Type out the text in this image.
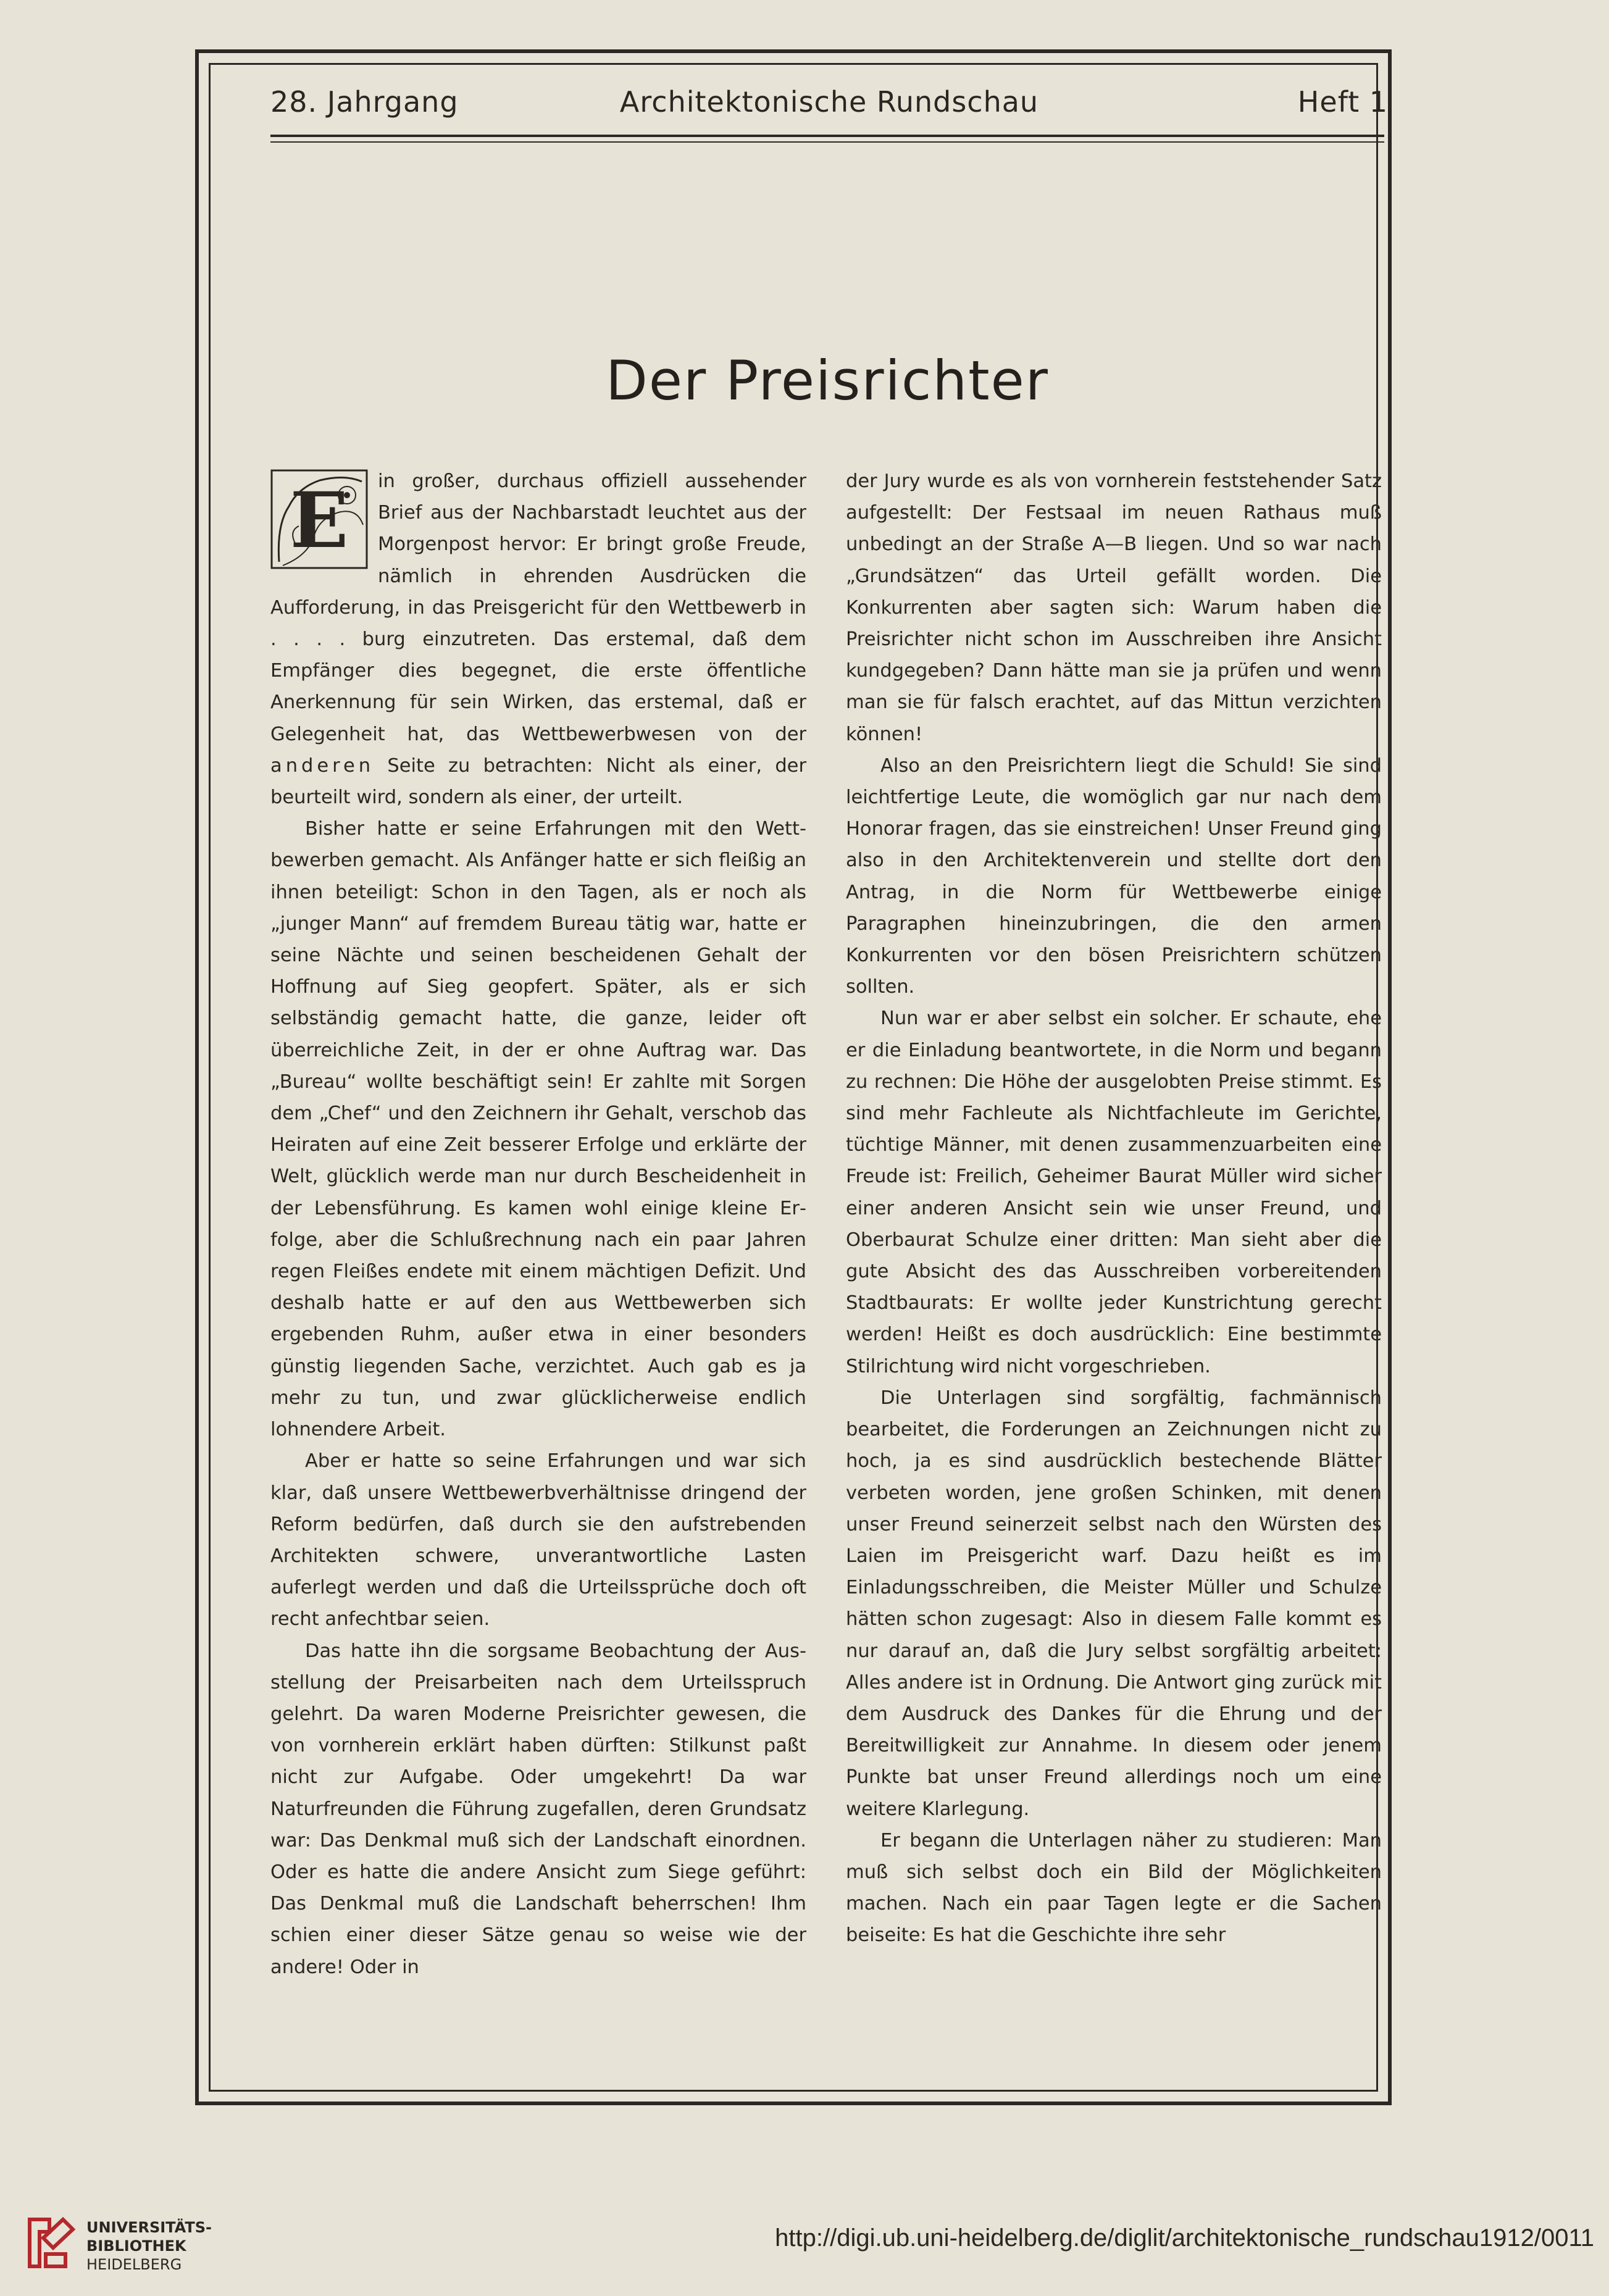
28. Jahrgang	Architektonische Rundschau	Heft 1
Der Preisrichter

E in großer, durchaus offiziell aussehender Brief aus der Nachbarstadt leuchtet aus der Morgenpost hervor: Er bringt große Freude, nämlich in ehrenden Ausdrücken die Aufforderung, in das Preisgericht für den Wettbewerb in . . . . burg einzutreten. Das erstemal, daß dem Empfänger dies begegnet, die erste öffentliche Anerkennung für sein Wirken, das erstemal, daß er Gelegenheit hat, das Wettbewerbwesen von der anderen Seite zu betrachten: Nicht als einer, der beurteilt wird, sondern als einer, der urteilt.

Bisher hatte er seine Erfahrungen mit den Wettbewerben gemacht. Als Anfänger hatte er sich fleißig an ihnen beteiligt: Schon in den Tagen, als er noch als „junger Mann“ auf fremdem Bureau tätig war, hatte er seine Nächte und seinen bescheidenen Gehalt der Hoffnung auf Sieg geopfert. Später, als er sich selbständig gemacht hatte, die ganze, leider oft überreichliche Zeit, in der er ohne Auftrag war. Das „Bureau“ wollte beschäftigt sein! Er zahlte mit Sorgen dem „Chef“ und den Zeichnern ihr Gehalt, verschob das Heiraten auf eine Zeit besserer Erfolge und erklärte der Welt, glücklich werde man nur durch Bescheidenheit in der Lebensführung. Es kamen wohl einige kleine Erfolge, aber die Schlußrechnung nach ein paar Jahren regen Fleißes endete mit einem mächtigen Defizit. Und deshalb hatte er auf den aus Wettbewerben sich ergebenden Ruhm, außer etwa in einer besonders günstig liegenden Sache, verzichtet. Auch gab es ja mehr zu tun, und zwar glücklicherweise endlich lohnendere Arbeit.

Aber er hatte so seine Erfahrungen und war sich klar, daß unsere Wettbewerbverhältnisse dringend der Reform bedürfen, daß durch sie den aufstrebenden Architekten schwere, unverantwortliche Lasten auferlegt werden und daß die Urteilssprüche doch oft recht anfechtbar seien.

Das hatte ihn die sorgsame Beobachtung der Ausstellung der Preisarbeiten nach dem Urteilsspruch gelehrt. Da waren Moderne Preisrichter gewesen, die von vornherein erklärt haben dürften: Stilkunst paßt nicht zur Aufgabe. Oder umgekehrt! Da war Naturfreunden die Führung zugefallen, deren Grundsatz war: Das Denkmal muß sich der Landschaft einordnen. Oder es hatte die andere Ansicht zum Siege geführt: Das Denkmal muß die Landschaft beherrschen! Ihm schien einer dieser Sätze genau so weise wie der andere! Oder in

der Jury wurde es als von vornherein feststehender Satz aufgestellt: Der Festsaal im neuen Rathaus muß unbedingt an der Straße A—B liegen. Und so war nach „Grundsätzen“ das Urteil gefällt worden. Die Konkurrenten aber sagten sich: Warum haben die Preisrichter nicht schon im Ausschreiben ihre Ansicht kundgegeben? Dann hätte man sie ja prüfen und wenn man sie für falsch erachtet, auf das Mittun verzichten können!

Also an den Preisrichtern liegt die Schuld! Sie sind leichtfertige Leute, die womöglich gar nur nach dem Honorar fragen, das sie einstreichen! Unser Freund ging also in den Architektenverein und stellte dort den Antrag, in die Norm für Wettbewerbe einige Paragraphen hineinzubringen, die den armen Konkurrenten vor den bösen Preisrichtern schützen sollten.

Nun war er aber selbst ein solcher. Er schaute, ehe er die Einladung beantwortete, in die Norm und begann zu rechnen: Die Höhe der ausgelobten Preise stimmt. Es sind mehr Fachleute als Nichtfachleute im Gerichte, tüchtige Männer, mit denen zusammenzuarbeiten eine Freude ist: Freilich, Geheimer Baurat Müller wird sicher einer anderen Ansicht sein wie unser Freund, und Oberbaurat Schulze einer dritten: Man sieht aber die gute Absicht des das Ausschreiben vorbereitenden Stadtbaurats: Er wollte jeder Kunstrichtung gerecht werden! Heißt es doch ausdrücklich: Eine bestimmte Stilrichtung wird nicht vorgeschrieben.

Die Unterlagen sind sorgfältig, fachmännisch bearbeitet, die Forderungen an Zeichnungen nicht zu hoch, ja es sind ausdrücklich bestechende Blätter verbeten worden, jene großen Schinken, mit denen unser Freund seinerzeit selbst nach den Würsten des Laien im Preisgericht warf. Dazu heißt es im Einladungsschreiben, die Meister Müller und Schulze hätten schon zugesagt: Also in diesem Falle kommt es nur darauf an, daß die Jury selbst sorgfältig arbeitet: Alles andere ist in Ordnung. Die Antwort ging zurück mit dem Ausdruck des Dankes für die Ehrung und der Bereitwilligkeit zur Annahme. In diesem oder jenem Punkte bat unser Freund allerdings noch um eine weitere Klarlegung.

Er begann die Unterlagen näher zu studieren: Man muß sich selbst doch ein Bild der Möglichkeiten machen. Nach ein paar Tagen legte er die Sachen beiseite: Es hat die Geschichte ihre sehr

UNIVERSITÄTS-
BIBLIOTHEK
HEIDELBERG
http://digi.ub.uni-heidelberg.de/diglit/architektonische_rundschau1912/0011
